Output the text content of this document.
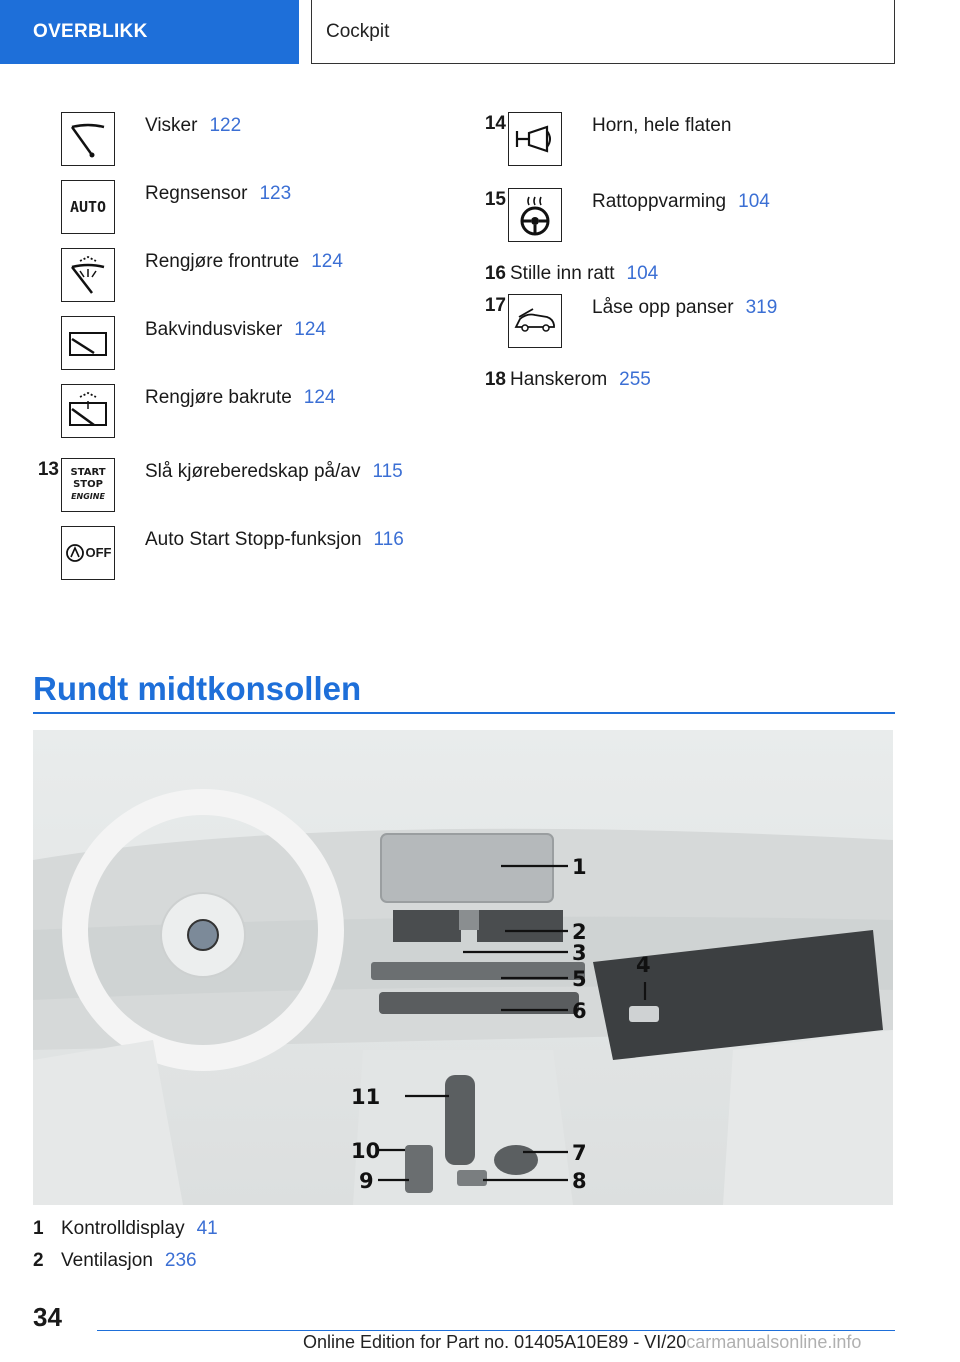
OVERBLIKK	Cockpit
Visker 122
AUTO
Regnsensor 123
Rengjøre frontrute 124
Bakvindusvisker 124
Rengjøre bakrute 124
13 START
STOP
ENGINE
Slå kjøreberedskap på/av 115
OFF
Auto Start Stopp-funksjon 116
14	Horn, hele flaten
15	Rattoppvarming 104
16 Stille inn ratt 104
17	Låse opp panser 319
18 Hanskerom 255
Rundt midtkonsollen
1
2
3 4
5
6
7
8
9
10
11
1 Kontrolldisplay 41
2 Ventilasjon 236
34
Online Edition for Part no. 01405A10E89 - VI/20carmanualsonline.info
